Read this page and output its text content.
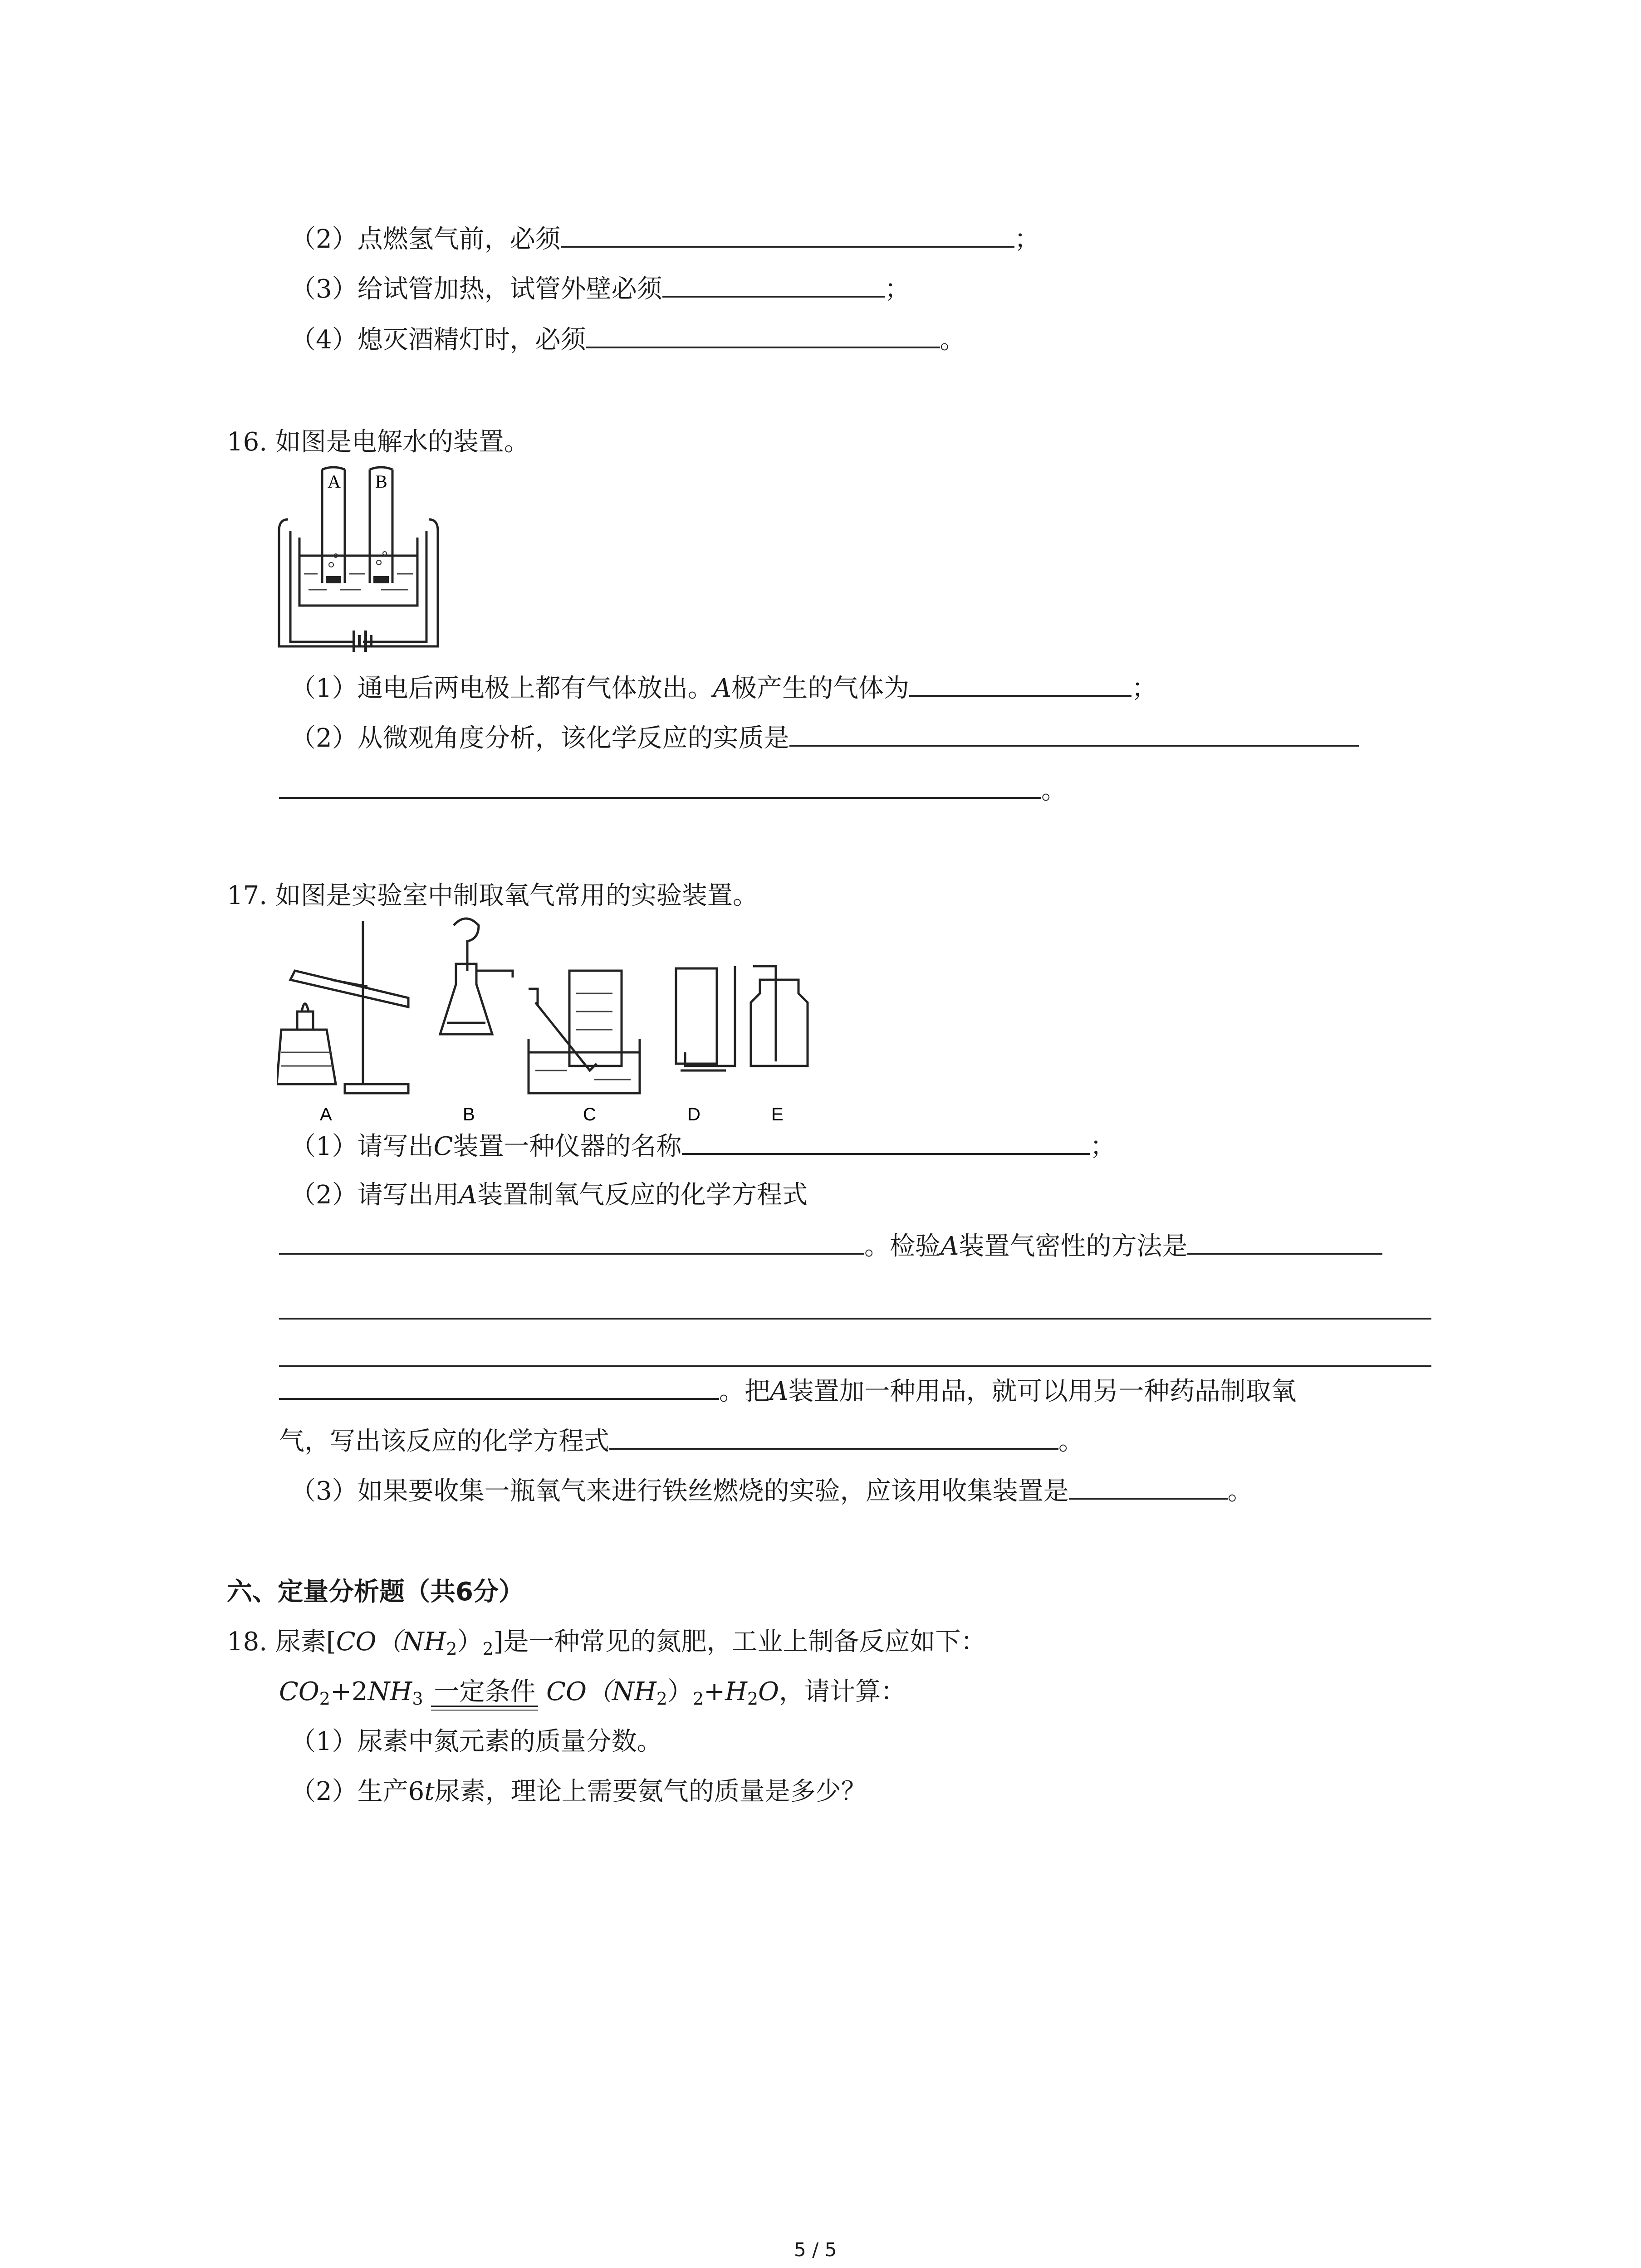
（2）点燃氢气前，必须	；
（3）给试管加热，试管外壁必须	；
（4）熄灭酒精灯时，必须	。
16. 如图是电解水的装置。
A B
（1）通电后两电极上都有气体放出。A极产生的气体为	；
（2）从微观角度分析，该化学反应的实质是
。
17. 如图是实验室中制取氧气常用的实验装置。
A	B	C	D	E
（1）请写出C装置一种仪器的名称	；
（2）请写出用A装置制氧气反应的化学方程式
。检验A装置气密性的方法是
。把A装置加一种用品，就可以用另一种药品制取氧
气，写出该反应的化学方程式	。
（3）如果要收集一瓶氧气来进行铁丝燃烧的实验，应该用收集装置是	。
六、定量分析题（共6分）
18. 尿素$[CO(NH_2)_2]$是一种常见的氮肥，工业上制备反应如下：
$CO_2+2NH_3$ 一定条件 $CO(NH_2)_2+H_2O$，请计算：
（1）尿素中氮元素的质量分数。
（2）生产6t尿素，理论上需要氨气的质量是多少？
5 / 5
